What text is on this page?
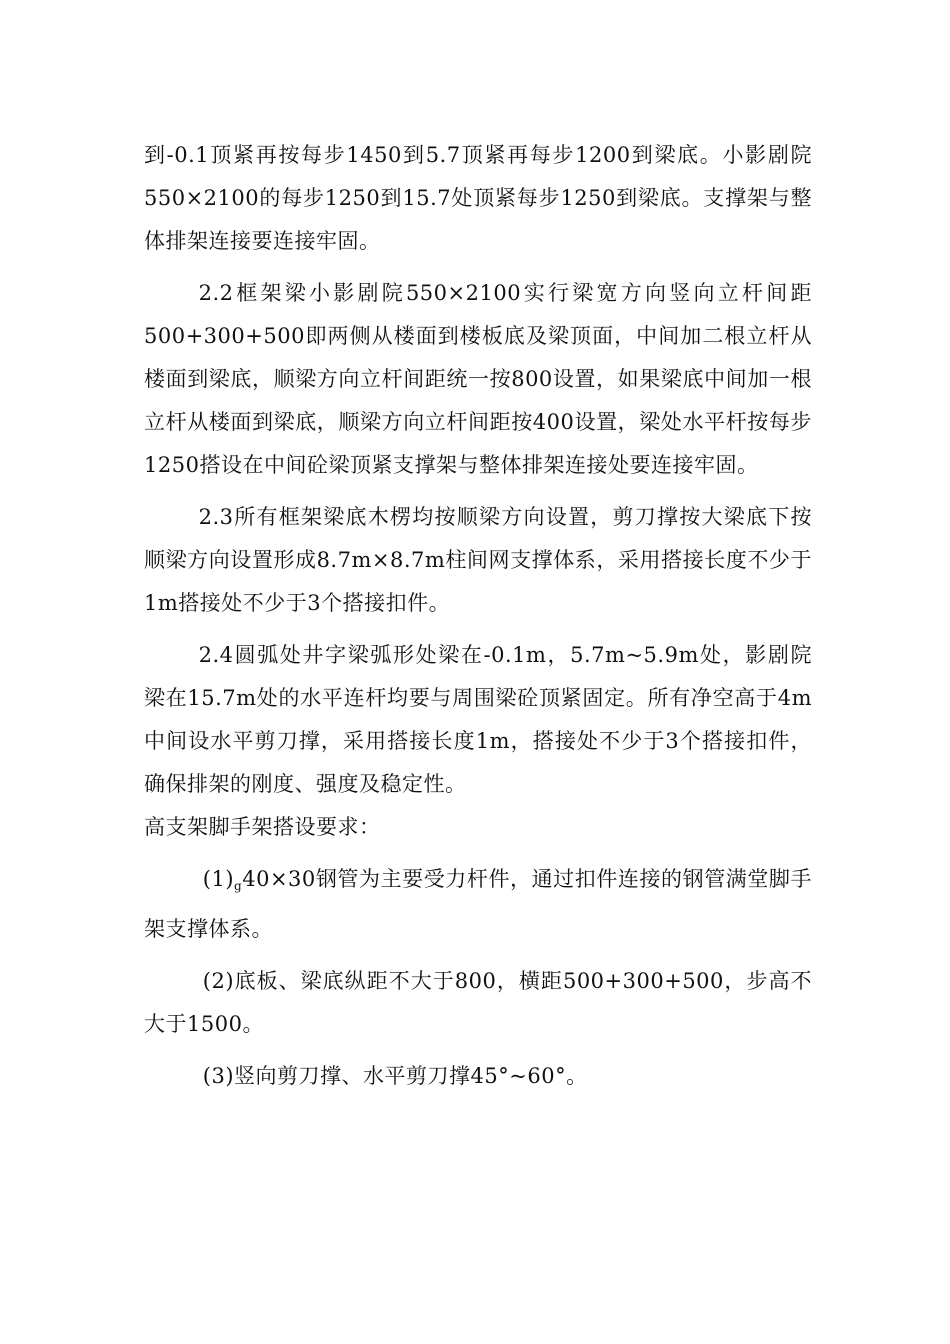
到-0.1顶紧再按每步1450到5.7顶紧再每步1200到梁底。小影剧院550×2100的每步1250到15.7处顶紧每步1250到梁底。支撑架与整体排架连接要连接牢固。

2.2框架梁小影剧院550×2100实行梁宽方向竖向立杆间距500+300+500即两侧从楼面到楼板底及梁顶面，中间加二根立杆从楼面到梁底，顺梁方向立杆间距统一按800设置，如果梁底中间加一根立杆从楼面到梁底，顺梁方向立杆间距按400设置，梁处水平杆按每步1250搭设在中间砼梁顶紧支撑架与整体排架连接处要连接牢固。

2.3所有框架梁底木楞均按顺梁方向设置，剪刀撑按大梁底下按顺梁方向设置形成8.7m×8.7m柱间网支撑体系，采用搭接长度不少于1m搭接处不少于3个搭接扣件。

2.4圆弧处井字梁弧形处梁在-0.1m，5.7m~5.9m处，影剧院梁在15.7m处的水平连杆均要与周围梁砼顶紧固定。所有净空高于4m中间设水平剪刀撑，采用搭接长度1m，搭接处不少于3个搭接扣件，确保排架的刚度、强度及稳定性。

高支架脚手架搭设要求：

$(1)_g40\times 30$钢管为主要受力杆件，通过扣件连接的钢管满堂脚手架支撑体系。

(2)底板、梁底纵距不大于800，横距500+300+500，步高不大于1500。

(3)竖向剪刀撑、水平剪刀撑45°~60°。
